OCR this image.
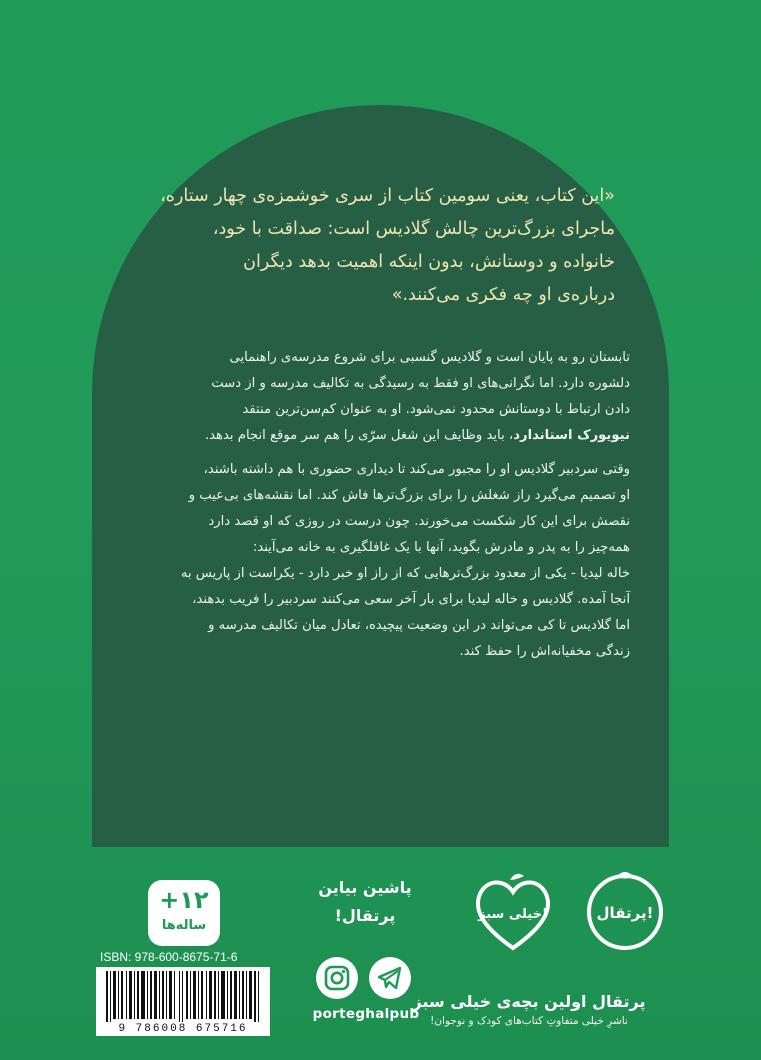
«این کتاب، یعنی سومین کتاب از سری خوشمزه‌ی چهار ستاره،
ماجرای بزرگ‌ترین چالش گلادیس است: صداقت با خود،
خانواده و دوستانش، بدون اینکه اهمیت بدهد دیگران
درباره‌ی او چه فکری می‌کنند.»
تابستان رو به پایان است و گلادیس گنسبی برای شروع مدرسه‌ی راهنمایی
دلشوره دارد. اما نگرانی‌های او فقط به رسیدگی به تکالیف مدرسه و از دست
دادن ارتباط با دوستانش محدود نمی‌شود. او به عنوان کم‌سن‌ترین منتقد
نیویورک استاندارد، باید وظایف این شغل سرّی را هم سر موقع انجام بدهد.
وقتی سردبیر گلادیس او را مجبور می‌کند تا دیداری حضوری با هم داشته باشند،
او تصمیم می‌گیرد راز شغلش را برای بزرگ‌ترها فاش کند. اما نقشه‌های بی‌عیب و
نقصش برای این کار شکست می‌خورند. چون درست در روزی که او قصد دارد
همه‌چیز را به پدر و مادرش بگوید، آنها با یک غافلگیری به خانه می‌آیند:
خاله لیدیا - یکی از معدود بزرگ‌ترهایی که از راز او خبر دارد - یکراست از پاریس به
آنجا آمده. گلادیس و خاله لیدیا برای بار آخر سعی می‌کنند سردبیر را فریب بدهند،
اما گلادیس تا کی می‌تواند در این وضعیت پیچیده، تعادل میان تکالیف مدرسه و
زندگی مخفیانه‌اش را حفظ کند.
پرتقال!
خیلی سبز!
پرتقال اولین بچه‌ی خیلی سبز
ناشرِ خیلی متفاوتِ کتاب‌های کودک و نوجوان!
پاشین بیاین
پرتقال!
porteghalpub
+۱۲
ساله‌ها
ISBN: 978-600-8675-71-6
9 786008 675716
